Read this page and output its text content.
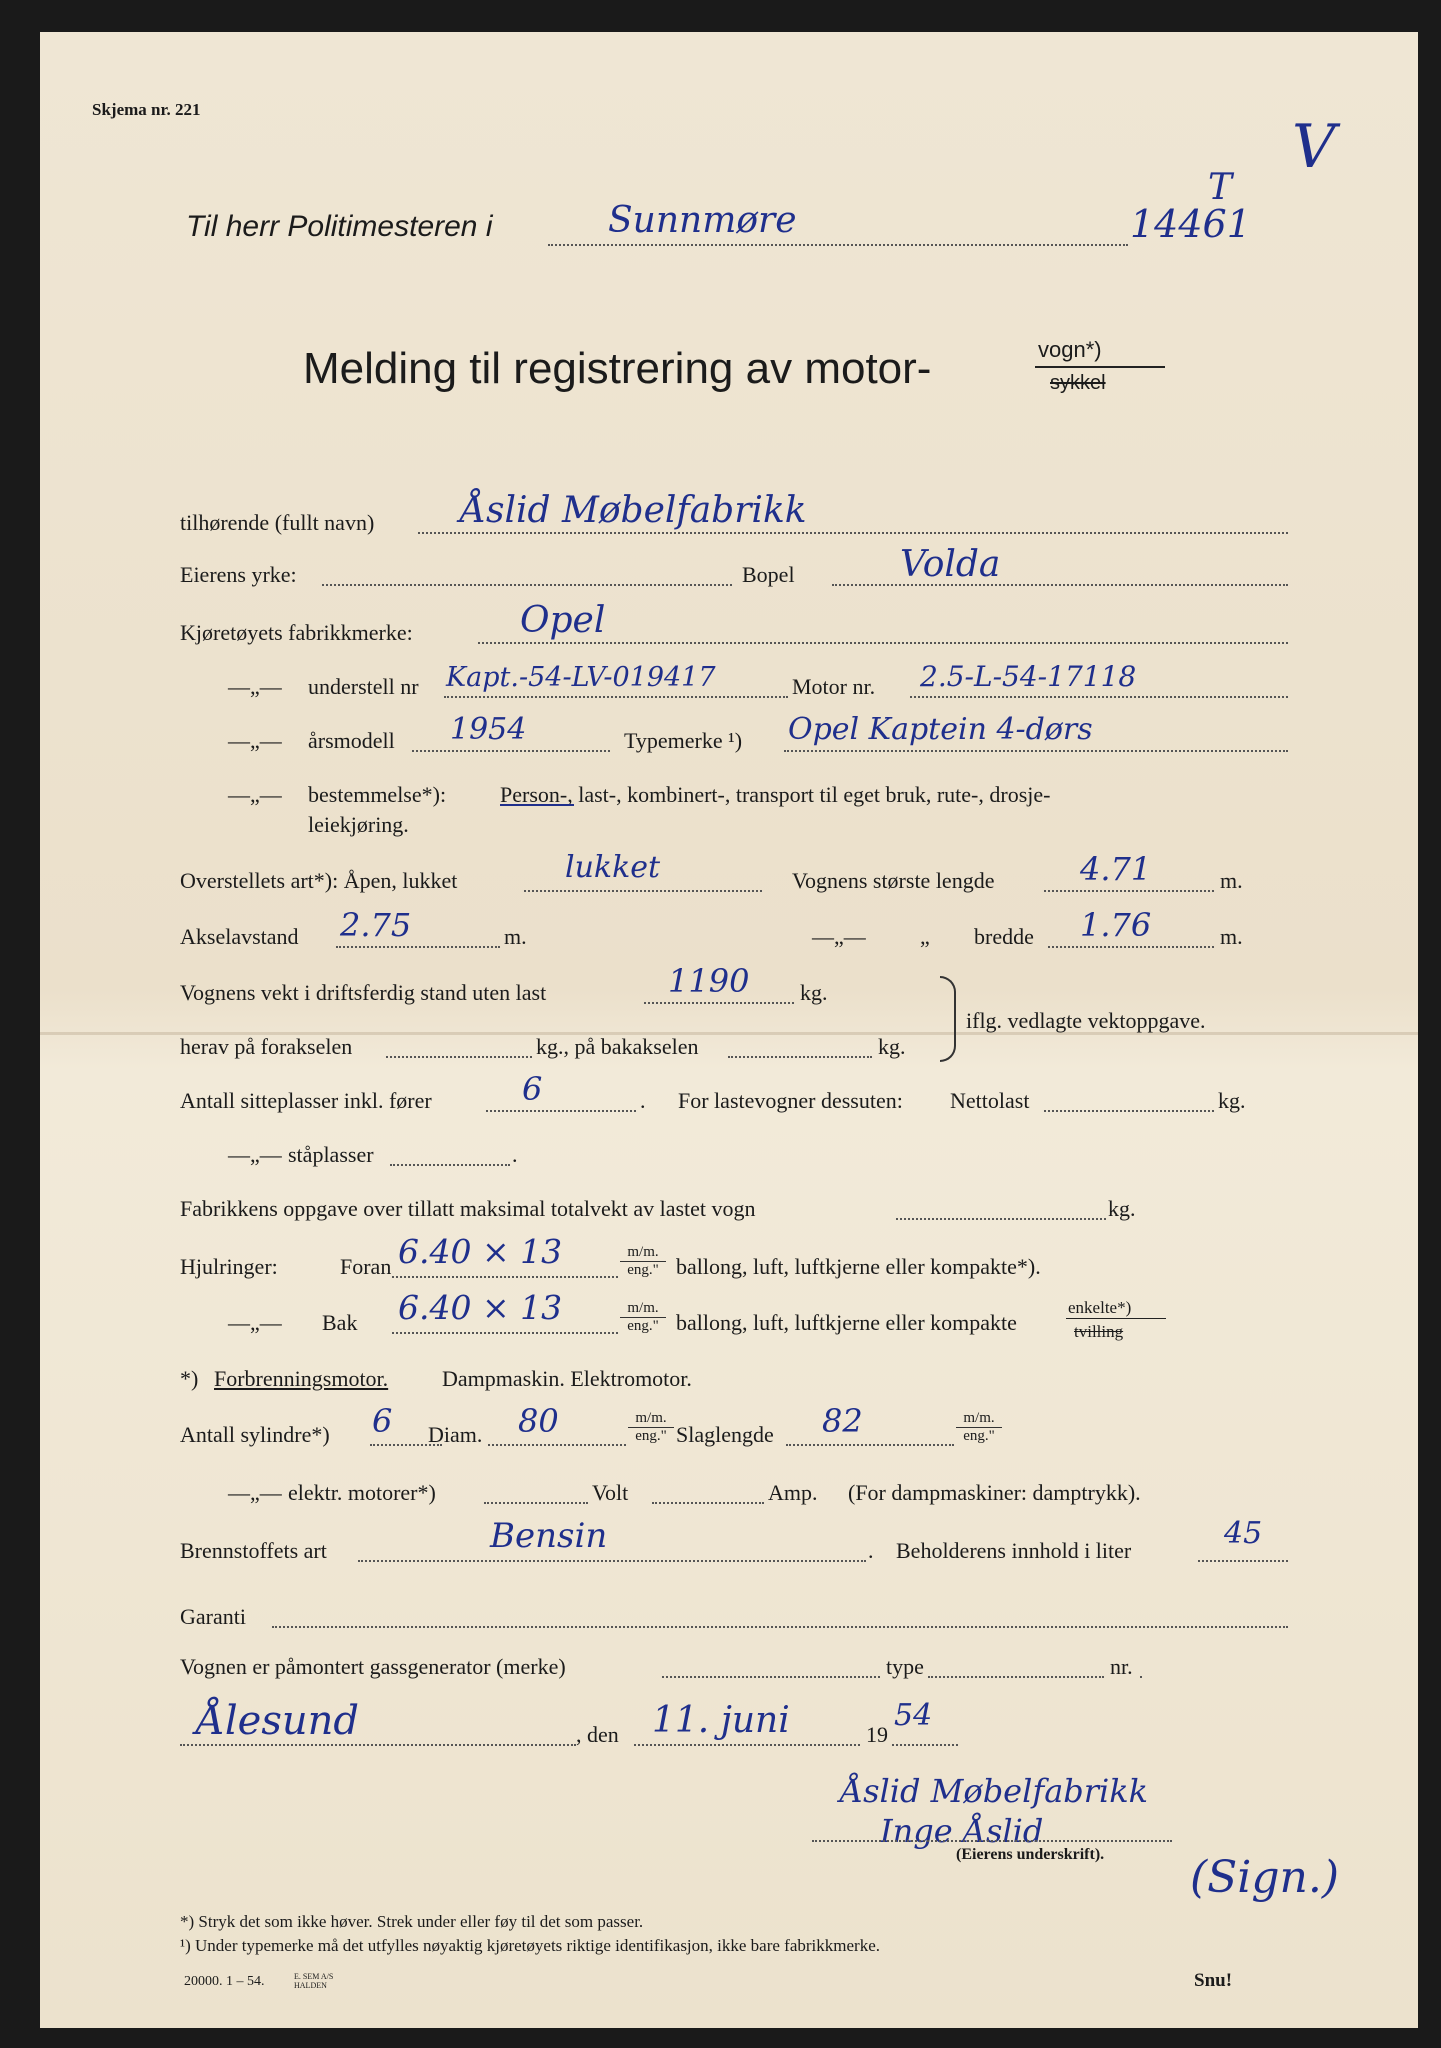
Skjema nr. 221
V
Til herr Politimesteren i	Sunnmøre
T
14461
Melding til registrering av motor-	vogn*)
sykkel
tilhørende (fullt navn) Åslid Møbelfabrikk
Eierens yrke:	Bopel	Volda
Kjøretøyets fabrikkmerke:	Opel
—„— understell nr Kapt.-54-LV-019417	Motor nr. 2.5-L-54-17118
—„— årsmodell 1954	Typemerke ¹) Opel Kaptein 4-dørs
—„— bestemmelse*): Person-, last-, kombinert-, transport til eget bruk, rute-, drosje-
leiekjøring.
Overstellets art*): Åpen, lukket	lukket	Vognens største lengde	4.71	m.
Akselavstand 2.75	m.	—„— „ bredde 1.76	m.
Vognens vekt i driftsferdig stand uten last	1190 kg.
iflg. vedlagte vektoppgave.
herav på forakselen	kg., på bakakselen	kg.
Antall sitteplasser inkl. fører	6	. For lastevogner dessuten: Nettolast	kg.
—„— ståplasser	.
Fabrikkens oppgave over tillatt maksimal totalvekt av lastet vogn	kg.
Hjulringer:	Foran 6.40 × 13	m/m.
eng." ballong, luft, luftkjerne eller kompakte*).
—„— Bak 6.40 × 13	m/m.
eng." ballong, luft, luftkjerne eller kompakte
enkelte*)
tvilling
*) Forbrenningsmotor. Dampmaskin. Elektromotor.
Antall sylindre*) 6 Diam. 80	m/m.
eng." Slaglengde 82	m/m.
eng."
—„— elektr. motorer*)	Volt	Amp. (For dampmaskiner: damptrykk).
Brennstoffets art	Bensin	. Beholderens innhold i liter	45
Garanti
Vognen er påmontert gassgenerator (merke)	type	nr.
Ålesund	, den 11. juni	19
54
Åslid Møbelfabrikk
Inge Åslid
(Eierens underskrift). (Sign.)
*) Stryk det som ikke høver. Strek under eller føy til det som passer.
¹) Under typemerke må det utfylles nøyaktig kjøretøyets riktige identifikasjon, ikke bare fabrikkmerke.
20000. 1 – 54.	E. SEM A/S HALDEN	Snu!
